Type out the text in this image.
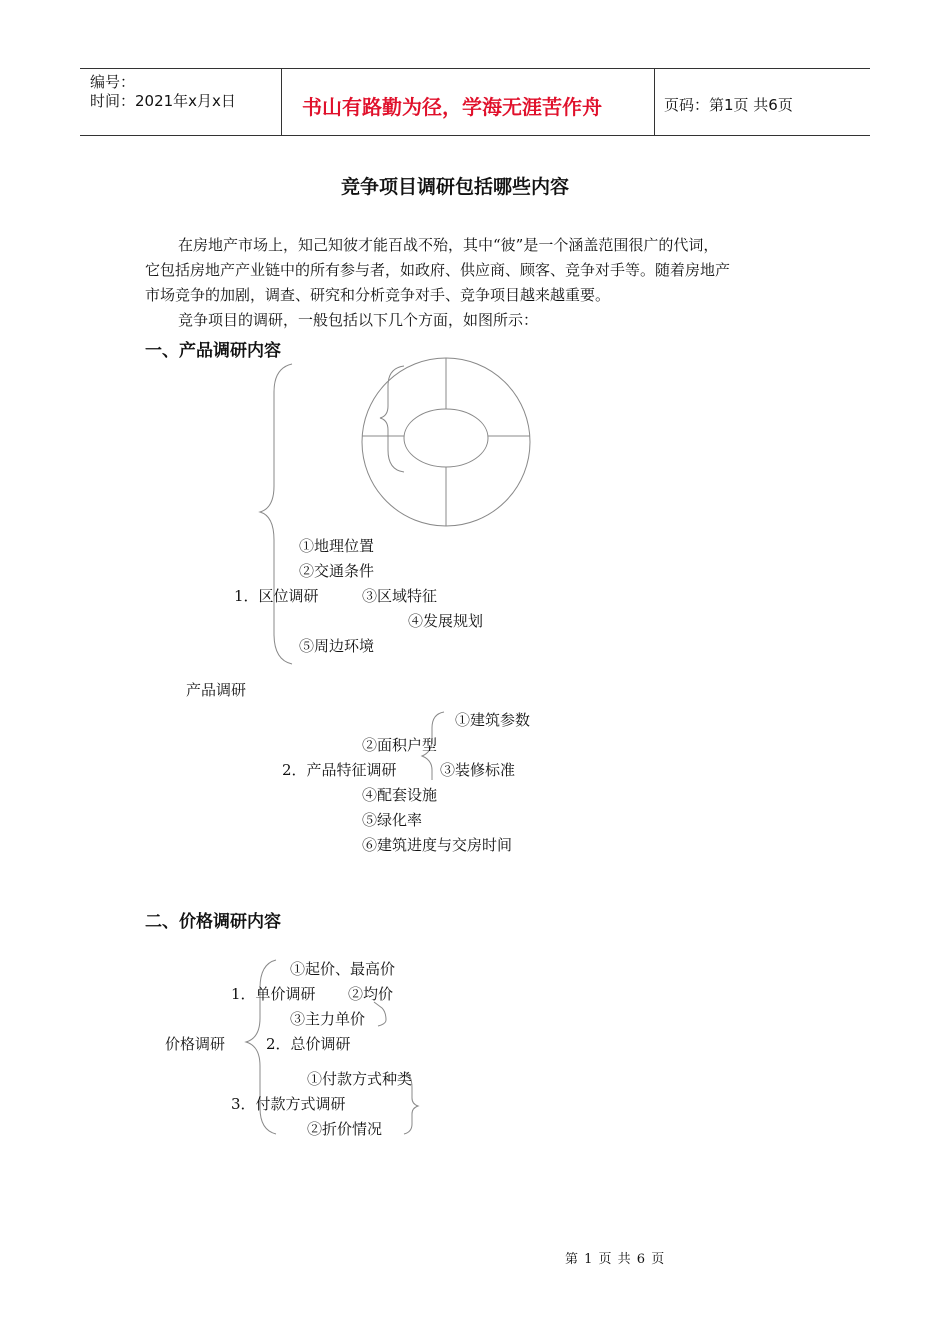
编号：
时间：2021年x月x日	书山有路勤为径，学海无涯苦作舟	页码：第1页 共6页
竞争项目调研包括哪些内容
在房地产市场上，知己知彼才能百战不殆，其中“彼”是一个涵盖范围很广的代词，
它包括房地产产业链中的所有参与者，如政府、供应商、顾客、竞争对手等。随着房地产
市场竞争的加剧，调查、研究和分析竞争对手、竞争项目越来越重要。
竞争项目的调研，一般包括以下几个方面，如图所示：
一、产品调研内容
①地理位置
②交通条件
1．区位调研	③区域特征
④发展规划
⑤周边环境
产品调研
①建筑参数
②面积户型
2．产品特征调研	③装修标准
④配套设施
⑤绿化率
⑥建筑进度与交房时间
二、价格调研内容
①起价、最高价
1．单价调研 ②均价
③主力单价
价格调研	2．总价调研
①付款方式种类
3．付款方式调研
②折价情况
第 1 页 共 6 页
